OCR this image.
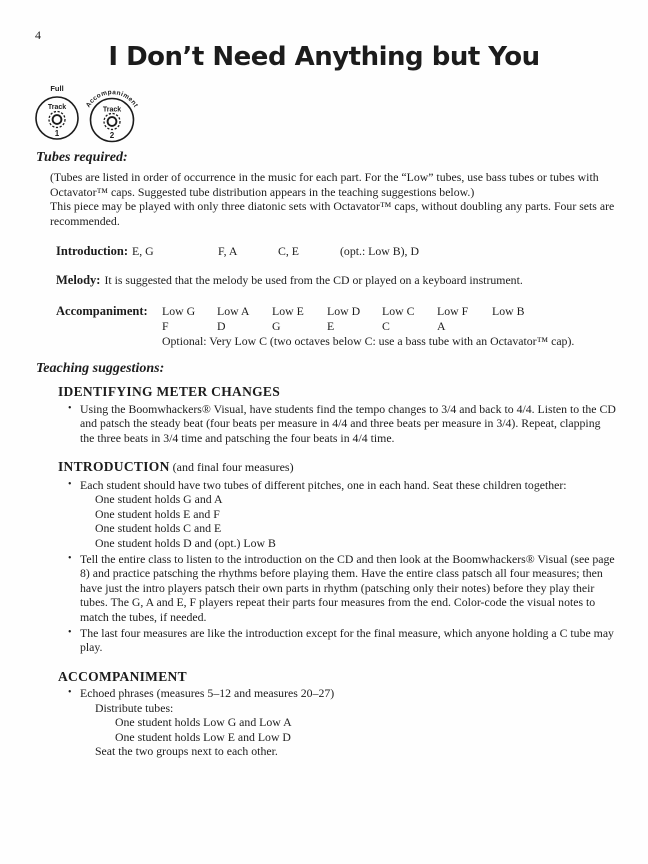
4
I Don’t Need Anything but You
Full
Track
1
Accompaniment
Track
2
Tubes required:
(Tubes are listed in order of occurrence in the music for each part. For the “Low” tubes, use bass tubes or tubes with Octavator™ caps. Suggested tube distribution appears in the teaching suggestions below.)
This piece may be played with only three diatonic sets with Octavator™ caps, without doubling any parts. Four sets are recommended.
Introduction: E, G	F, A	C, E	(opt.: Low B), D
Melody: It is suggested that the melody be used from the CD or played on a keyboard instrument.
Accompaniment:	Low G	Low A	Low E	Low D	Low C	Low F	Low B
F	D	G	E	C	A
Optional: Very Low C (two octaves below C: use a bass tube with an Octavator™ cap).
Teaching suggestions:
IDENTIFYING METER CHANGES
• Using the Boomwhackers® Visual, have students find the tempo changes to 3/4 and back to 4/4. Listen to the CD and patsch the steady beat (four beats per measure in 4/4 and three beats per measure in 3/4). Repeat, clapping the three beats in 3/4 time and patsching the four beats in 4/4 time.
INTRODUCTION (and final four measures)
• Each student should have two tubes of different pitches, one in each hand. Seat these children together:
One student holds G and A
One student holds E and F
One student holds C and E
One student holds D and (opt.) Low B
• Tell the entire class to listen to the introduction on the CD and then look at the Boomwhackers® Visual (see page 8) and practice patsching the rhythms before playing them. Have the entire class patsch all four measures; then have just the intro players patsch their own parts in rhythm (patsching only their notes) before they play their tubes. The G, A and E, F players repeat their parts four measures from the end. Color-code the visual notes to match the tubes, if needed.
• The last four measures are like the introduction except for the final measure, which anyone holding a C tube may play.
ACCOMPANIMENT
• Echoed phrases (measures 5–12 and measures 20–27)
Distribute tubes:
One student holds Low G and Low A
One student holds Low E and Low D
Seat the two groups next to each other.
